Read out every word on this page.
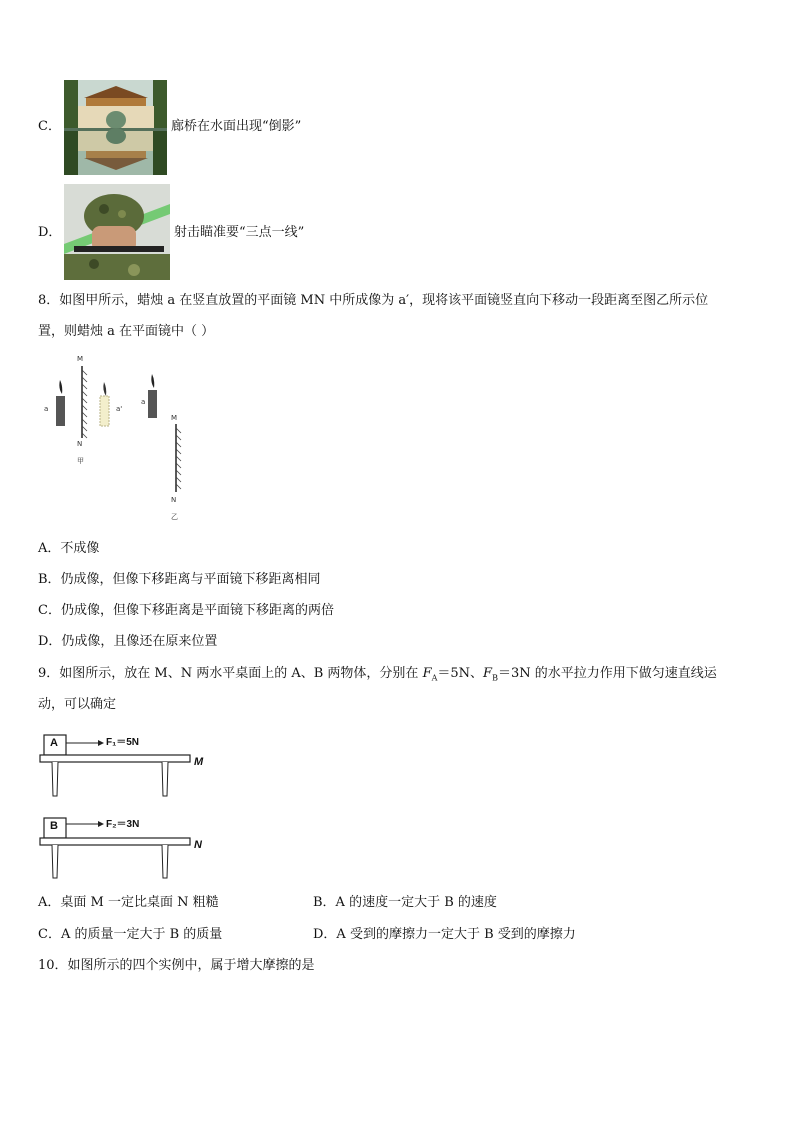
C．	廊桥在水面出现“倒影”
D．	射击瞄准要“三点一线”
8．如图甲所示，蜡烛 a 在竖直放置的平面镜 MN 中所成像为 a′，现将该平面镜竖直向下移动一段距离至图乙所示位
置，则蜡烛 a 在平面镜中（ ）
M
N
a	a'
甲
a
M
N
乙
A．不成像
B．仍成像，但像下移距离与平面镜下移距离相同
C．仍成像，但像下移距离是平面镜下移距离的两倍
D．仍成像，且像还在原来位置
9．如图所示，放在 M、N 两水平桌面上的 A、B 两物体，分别在 $F_A=5N$、$F_B=3N$ 的水平拉力作用下做匀速直线运
动，可以确定
A	F₁＝5N
M
B	F₂＝3N
N
A．桌面 M 一定比桌面 N 粗糙	B．A 的速度一定大于 B 的速度
C．A 的质量一定大于 B 的质量	D．A 受到的摩擦力一定大于 B 受到的摩擦力
10．如图所示的四个实例中，属于增大摩擦的是
